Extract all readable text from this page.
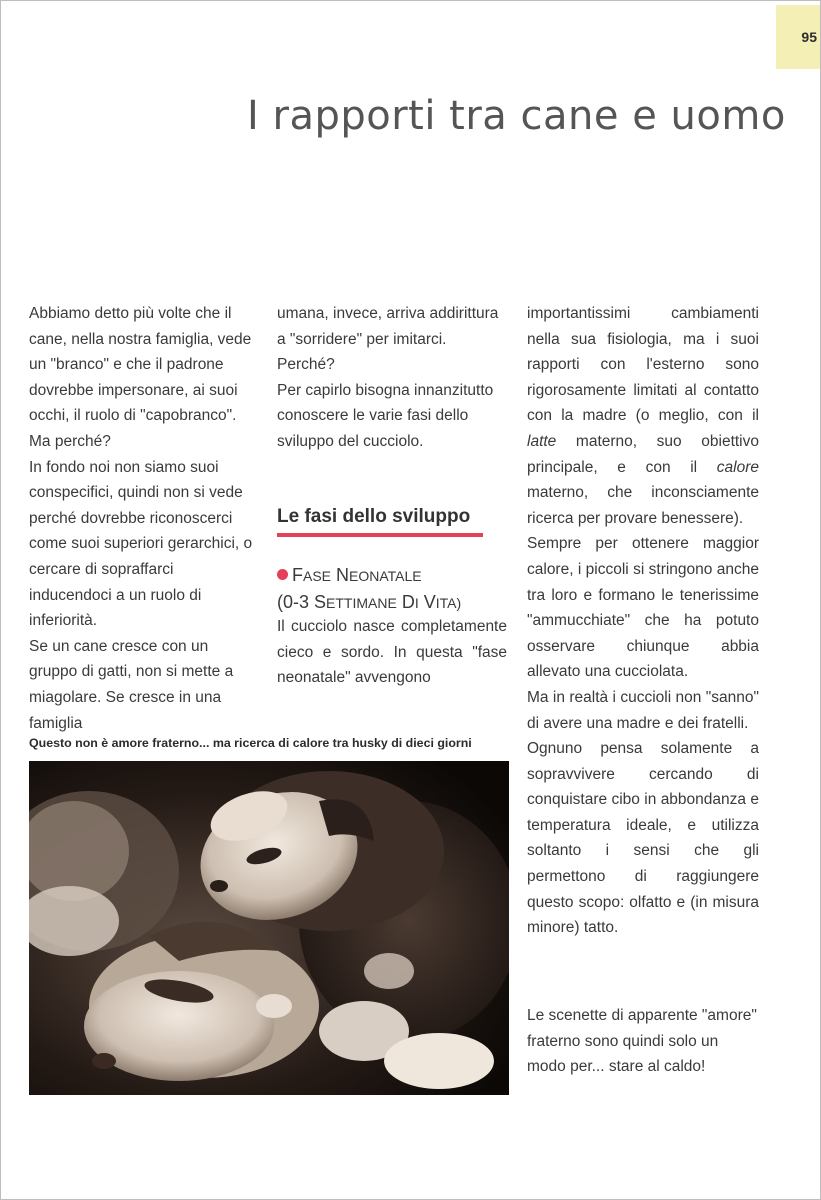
95
I rapporti tra cane e uomo

Abbiamo detto più volte che il cane, nella nostra famiglia, vede un "branco" e che il padrone dovrebbe impersonare, ai suoi occhi, il ruolo di "capobranco". Ma perché?

In fondo noi non siamo suoi conspecifici, quindi non si vede perché dovrebbe riconoscerci come suoi superiori gerarchici, o cercare di sopraffarci inducendoci a un ruolo di inferiorità.

Se un cane cresce con un gruppo di gatti, non si mette a miagolare. Se cresce in una famiglia

umana, invece, arriva addirittura a "sorridere" per imitarci. Perché?

Per capirlo bisogna innanzitutto conoscere le varie fasi dello sviluppo del cucciolo.

Le fasi dello sviluppo
FASE NEONATALE
(0-3 SETTIMANE DI VITA)

Il cucciolo nasce completamente cieco e sordo. In questa "fase neonatale" avvengono

importantissimi cambiamenti nella sua fisiologia, ma i suoi rapporti con l'esterno sono rigorosamente limitati al contatto con la madre (o meglio, con il latte materno, suo obiettivo principale, e con il calore materno, che inconsciamente ricerca per provare benessere).

Sempre per ottenere maggior calore, i piccoli si stringono anche tra loro e formano le tenerissime "ammucchiate" che ha potuto osservare chiunque abbia allevato una cucciolata.

Ma in realtà i cuccioli non "sanno" di avere una madre e dei fratelli.

Ognuno pensa solamente a sopravvivere cercando di conquistare cibo in abbondanza e temperatura ideale, e utilizza soltanto i sensi che gli permettono di raggiungere questo scopo: olfatto e (in misura minore) tatto.

Le scenette di apparente "amore" fraterno sono quindi solo un modo per... stare al caldo!

Questo non è amore fraterno... ma ricerca di calore tra husky di dieci giorni
